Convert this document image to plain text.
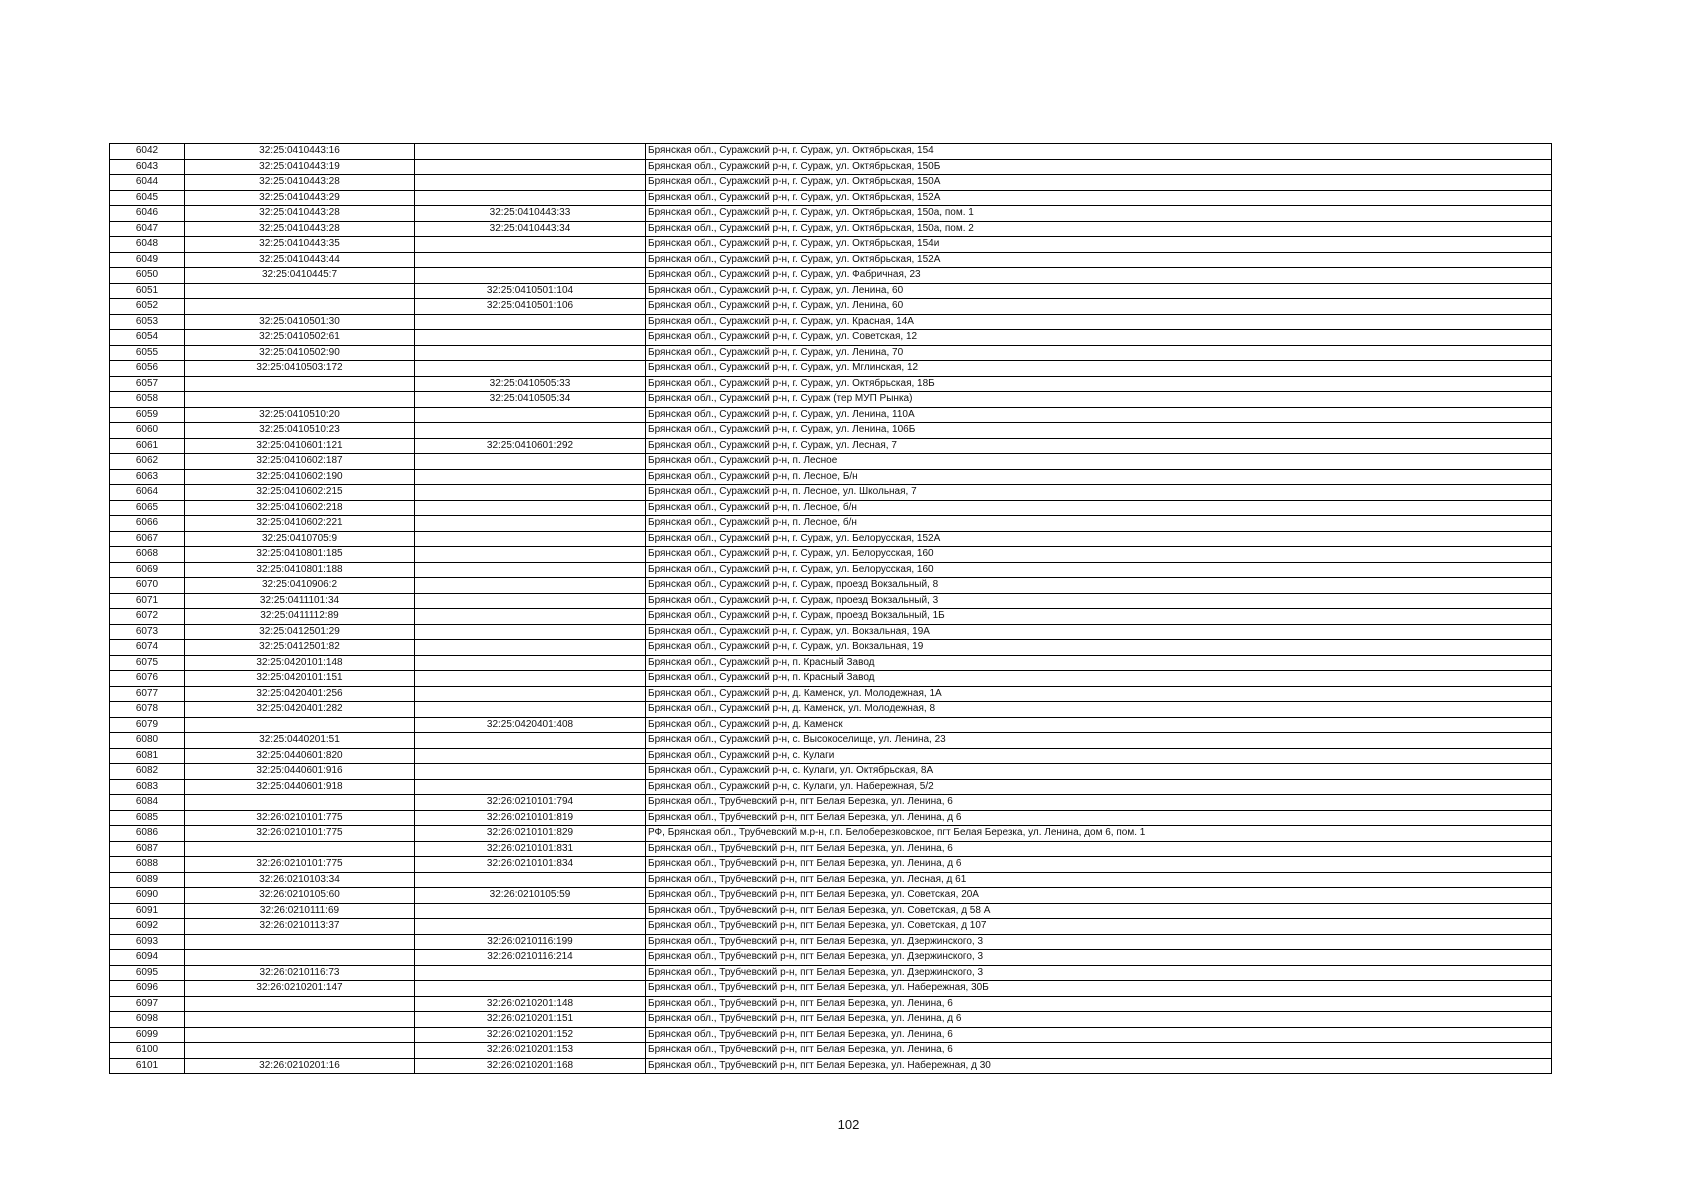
6042	32:25:0410443:16		Брянская обл., Суражский р-н, г. Сураж, ул. Октябрьская, 154
6043	32:25:0410443:19		Брянская обл., Суражский р-н, г. Сураж, ул. Октябрьская, 150Б
6044	32:25:0410443:28		Брянская обл., Суражский р-н, г. Сураж, ул. Октябрьская, 150А
6045	32:25:0410443:29		Брянская обл., Суражский р-н, г. Сураж, ул. Октябрьская, 152А
6046	32:25:0410443:28	32:25:0410443:33	Брянская обл., Суражский р-н, г. Сураж, ул. Октябрьская, 150а, пом. 1
6047	32:25:0410443:28	32:25:0410443:34	Брянская обл., Суражский р-н, г. Сураж, ул. Октябрьская, 150а, пом. 2
6048	32:25:0410443:35		Брянская обл., Суражский р-н, г. Сураж, ул. Октябрьская, 154и
6049	32:25:0410443:44		Брянская обл., Суражский р-н, г. Сураж, ул. Октябрьская, 152А
6050	32:25:0410445:7		Брянская обл., Суражский р-н, г. Сураж, ул. Фабричная, 23
6051		32:25:0410501:104	Брянская обл., Суражский р-н, г. Сураж, ул. Ленина, 60
6052		32:25:0410501:106	Брянская обл., Суражский р-н, г. Сураж, ул. Ленина, 60
6053	32:25:0410501:30		Брянская обл., Суражский р-н, г. Сураж, ул. Красная, 14А
6054	32:25:0410502:61		Брянская обл., Суражский р-н, г. Сураж, ул. Советская, 12
6055	32:25:0410502:90		Брянская обл., Суражский р-н, г. Сураж, ул. Ленина, 70
6056	32:25:0410503:172		Брянская обл., Суражский р-н, г. Сураж, ул. Мглинская, 12
6057		32:25:0410505:33	Брянская обл., Суражский р-н, г. Сураж, ул. Октябрьская, 18Б
6058		32:25:0410505:34	Брянская обл., Суражский р-н, г. Сураж (тер МУП Рынка)
6059	32:25:0410510:20		Брянская обл., Суражский р-н, г. Сураж, ул. Ленина, 110А
6060	32:25:0410510:23		Брянская обл., Суражский р-н, г. Сураж, ул. Ленина, 106Б
6061	32:25:0410601:121	32:25:0410601:292	Брянская обл., Суражский р-н, г. Сураж, ул. Лесная, 7
6062	32:25:0410602:187		Брянская обл., Суражский р-н, п. Лесное
6063	32:25:0410602:190		Брянская обл., Суражский р-н, п. Лесное, Б/н
6064	32:25:0410602:215		Брянская обл., Суражский р-н, п. Лесное, ул. Школьная, 7
6065	32:25:0410602:218		Брянская обл., Суражский р-н, п. Лесное, б/н
6066	32:25:0410602:221		Брянская обл., Суражский р-н, п. Лесное, б/н
6067	32:25:0410705:9		Брянская обл., Суражский р-н, г. Сураж, ул. Белорусская, 152А
6068	32:25:0410801:185		Брянская обл., Суражский р-н, г. Сураж, ул. Белорусская, 160
6069	32:25:0410801:188		Брянская обл., Суражский р-н, г. Сураж, ул. Белорусская, 160
6070	32:25:0410906:2		Брянская обл., Суражский р-н, г. Сураж, проезд Вокзальный, 8
6071	32:25:0411101:34		Брянская обл., Суражский р-н, г. Сураж, проезд Вокзальный, 3
6072	32:25:0411112:89		Брянская обл., Суражский р-н, г. Сураж, проезд Вокзальный, 1Б
6073	32:25:0412501:29		Брянская обл., Суражский р-н, г. Сураж, ул. Вокзальная, 19А
6074	32:25:0412501:82		Брянская обл., Суражский р-н, г. Сураж, ул. Вокзальная, 19
6075	32:25:0420101:148		Брянская обл., Суражский р-н, п. Красный Завод
6076	32:25:0420101:151		Брянская обл., Суражский р-н, п. Красный Завод
6077	32:25:0420401:256		Брянская обл., Суражский р-н, д. Каменск, ул. Молодежная, 1А
6078	32:25:0420401:282		Брянская обл., Суражский р-н, д. Каменск, ул. Молодежная, 8
6079		32:25:0420401:408	Брянская обл., Суражский р-н, д. Каменск
6080	32:25:0440201:51		Брянская обл., Суражский р-н, с. Высокоселище, ул. Ленина, 23
6081	32:25:0440601:820		Брянская обл., Суражский р-н, с. Кулаги
6082	32:25:0440601:916		Брянская обл., Суражский р-н, с. Кулаги, ул. Октябрьская, 8А
6083	32:25:0440601:918		Брянская обл., Суражский р-н, с. Кулаги, ул. Набережная, 5/2
6084		32:26:0210101:794	Брянская обл., Трубчевский р-н, пгт Белая Березка, ул. Ленина, 6
6085	32:26:0210101:775	32:26:0210101:819	Брянская обл., Трубчевский р-н, пгт Белая Березка, ул. Ленина, д 6
6086	32:26:0210101:775	32:26:0210101:829	РФ, Брянская обл., Трубчевский м.р-н, г.п. Белоберезковское, пгт Белая Березка, ул. Ленина, дом 6, пом. 1
6087		32:26:0210101:831	Брянская обл., Трубчевский р-н, пгт Белая Березка, ул. Ленина, 6
6088	32:26:0210101:775	32:26:0210101:834	Брянская обл., Трубчевский р-н, пгт Белая Березка, ул. Ленина, д 6
6089	32:26:0210103:34		Брянская обл., Трубчевский р-н, пгт Белая Березка, ул. Лесная, д 61
6090	32:26:0210105:60	32:26:0210105:59	Брянская обл., Трубчевский р-н, пгт Белая Березка, ул. Советская, 20А
6091	32:26:0210111:69		Брянская обл., Трубчевский р-н, пгт Белая Березка, ул. Советская, д 58 А
6092	32:26:0210113:37		Брянская обл., Трубчевский р-н, пгт Белая Березка, ул. Советская, д 107
6093		32:26:0210116:199	Брянская обл., Трубчевский р-н, пгт Белая Березка, ул. Дзержинского, 3
6094		32:26:0210116:214	Брянская обл., Трубчевский р-н, пгт Белая Березка, ул. Дзержинского, 3
6095	32:26:0210116:73		Брянская обл., Трубчевский р-н, пгт Белая Березка, ул. Дзержинского, 3
6096	32:26:0210201:147		Брянская обл., Трубчевский р-н, пгт Белая Березка, ул. Набережная, 30Б
6097		32:26:0210201:148	Брянская обл., Трубчевский р-н, пгт Белая Березка, ул. Ленина, 6
6098		32:26:0210201:151	Брянская обл., Трубчевский р-н, пгт Белая Березка, ул. Ленина, д 6
6099		32:26:0210201:152	Брянская обл., Трубчевский р-н, пгт Белая Березка, ул. Ленина, 6
6100		32:26:0210201:153	Брянская обл., Трубчевский р-н, пгт Белая Березка, ул. Ленина, 6
6101	32:26:0210201:16	32:26:0210201:168	Брянская обл., Трубчевский р-н, пгт Белая Березка, ул. Набережная, д 30
102
